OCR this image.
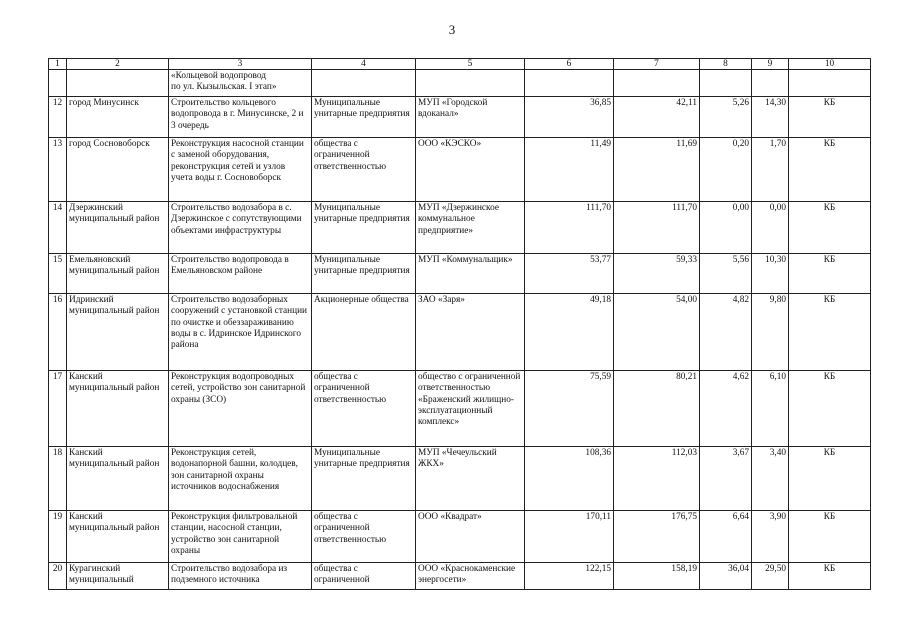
3
1	2	3	4	5	6	7	8	9	10
		«Кольцевой водопровод
по ул. Кызыльская. I этап»							
12	город Минусинск	Строительство кольцевого водопровода в г. Минусинске, 2 и 3 очередь	Муниципальные унитарные предприятия	МУП «Городской вдоканал»	36,85	42,11	5,26	14,30	КБ
13	город Сосновоборск	Реконструкция насосной станции с заменой оборудования, реконструкция сетей и узлов учета воды г. Сосновоборск	общества с ограниченной ответственностью	ООО «КЭСКО»	11,49	11,69	0,20	1,70	КБ
14	Дзержинский муниципальный район	Строительство водозабора в с. Дзержинское с сопутствующими объектами инфраструктуры	Муниципальные унитарные предприятия	МУП «Дзержинское коммунальное предприятие»	111,70	111,70	0,00	0,00	КБ
15	Емельяновский муниципальный район	Строительство водопровода в Емельяновском районе	Муниципальные унитарные предприятия	МУП «Коммунальщик»	53,77	59,33	5,56	10,30	КБ
16	Идринский муниципальный район	Строительство водозаборных сооружений с установкой станции по очистке и обеззараживанию воды в с. Идринское Идринского района	Акционерные общества	ЗАО «Заря»	49,18	54,00	4,82	9,80	КБ
17	Канский муниципальный район	Реконструкция водопроводных сетей, устройство зон санитарной охраны (ЗСО)	общества с ограниченной ответственностью	общество с ограниченной ответственностью «Браженский жилищно-эксплуатационный комплекс»	75,59	80,21	4,62	6,10	КБ
18	Канский муниципальный район	Реконструкция сетей, водонапорной башни, колодцев, зон санитарной охраны источников водоснабжения	Муниципальные унитарные предприятия	МУП «Чечеульский ЖКХ»	108,36	112,03	3,67	3,40	КБ
19	Канский муниципальный район	Реконструкция фильтровальной станции, насосной станции, устройство зон санитарной охраны	общества с ограниченной ответственностью	ООО «Квадрат»	170,11	176,75	6,64	3,90	КБ
20	Курагинский муниципальный	Строительство водозабора из подземного источника	общества с ограниченной	ООО «Краснокаменские энергосети»	122,15	158,19	36,04	29,50	КБ
